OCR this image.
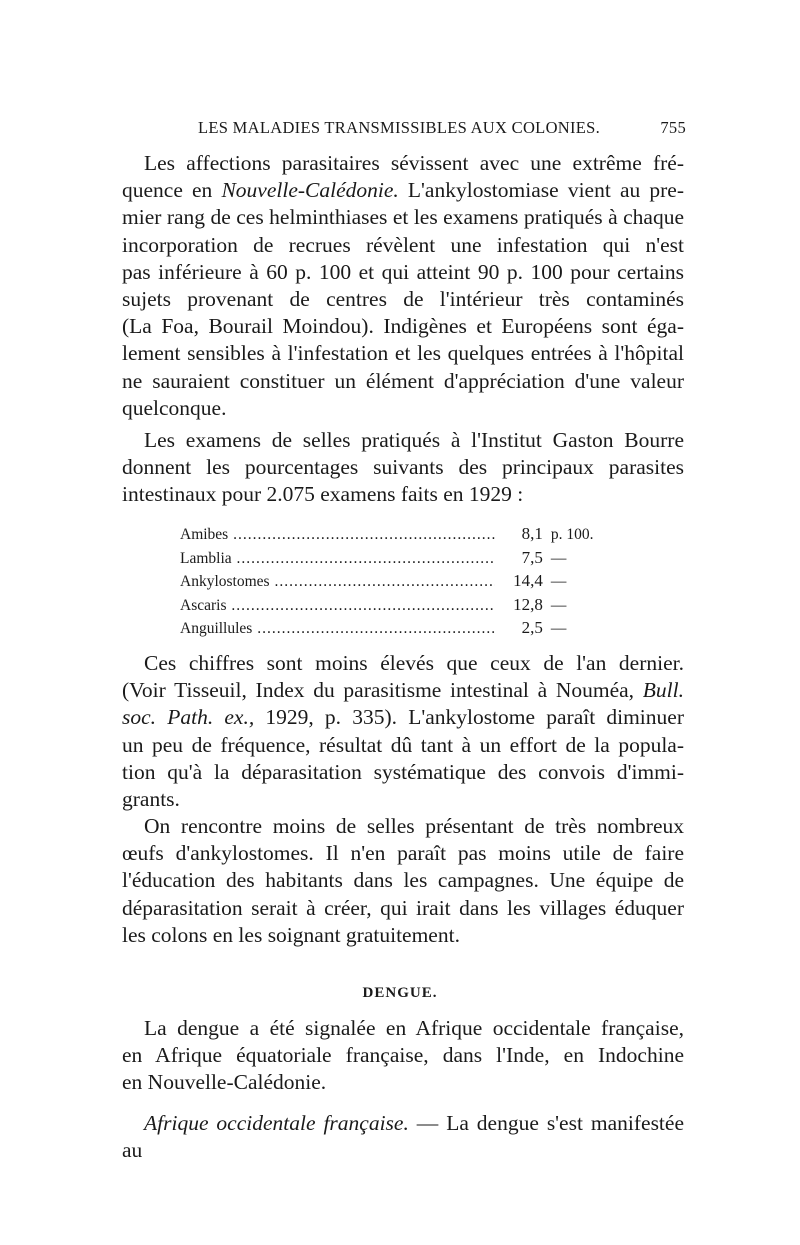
LES MALADIES TRANSMISSIBLES AUX COLONIES.	755
Les affections parasitaires sévissent avec une extrême fré-
quence en Nouvelle-Calédonie. L'ankylostomiase vient au pre-
mier rang de ces helminthiases et les examens pratiqués à chaque
incorporation de recrues révèlent une infestation qui n'est
pas inférieure à 60 p. 100 et qui atteint 90 p. 100 pour certains
sujets provenant de centres de l'intérieur très contaminés
(La Foa, Bourail Moindou). Indigènes et Européens sont éga-
lement sensibles à l'infestation et les quelques entrées à l'hôpital
ne sauraient constituer un élément d'appréciation d'une valeur
quelconque.
Les examens de selles pratiqués à l'Institut Gaston Bourre
donnent les pourcentages suivants des principaux parasites
intestinaux pour 2.075 examens faits en 1929 :
Amibes .....	8,1 p. 100.
Lamblia .....	7,5 —
Ankylostomes .....	14,4 —
Ascaris .....	12,8 —
Anguillules .....	2,5 —
Ces chiffres sont moins élevés que ceux de l'an dernier.
(Voir Tisseuil, Index du parasitisme intestinal à Nouméa, Bull.
soc. Path. ex., 1929, p. 335). L'ankylostome paraît diminuer
un peu de fréquence, résultat dû tant à un effort de la popula-
tion qu'à la déparasitation systématique des convois d'immi-
grants.
On rencontre moins de selles présentant de très nombreux
œufs d'ankylostomes. Il n'en paraît pas moins utile de faire
l'éducation des habitants dans les campagnes. Une équipe de
déparasitation serait à créer, qui irait dans les villages éduquer
les colons en les soignant gratuitement.
DENGUE.
La dengue a été signalée en Afrique occidentale française,
en Afrique équatoriale française, dans l'Inde, en Indochine
en Nouvelle-Calédonie.
Afrique occidentale française. — La dengue s'est manifestée au
